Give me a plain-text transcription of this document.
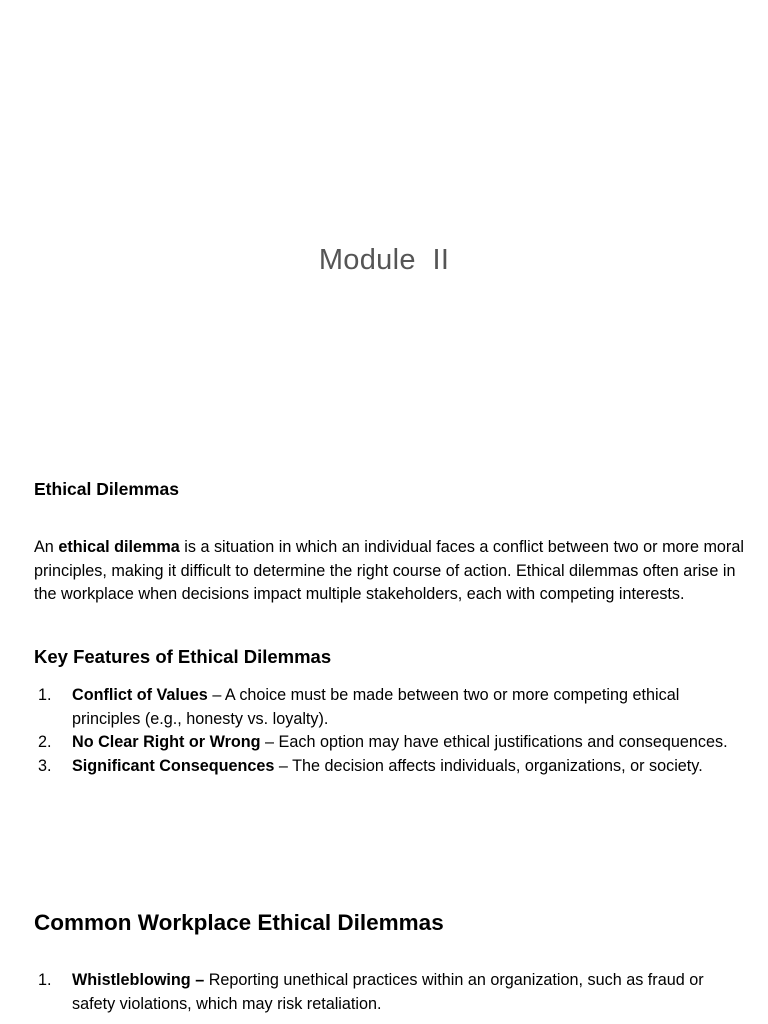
Module  II
Ethical Dilemmas

An ethical dilemma is a situation in which an individual faces a conflict between two or more moral principles, making it difficult to determine the right course of action. Ethical dilemmas often arise in the workplace when decisions impact multiple stakeholders, each with competing interests.

Key Features of Ethical Dilemmas
1. Conflict of Values – A choice must be made between two or more competing ethical principles (e.g., honesty vs. loyalty).
2. No Clear Right or Wrong – Each option may have ethical justifications and consequences.
3. Significant Consequences – The decision affects individuals, organizations, or society.
Common Workplace Ethical Dilemmas
1. Whistleblowing – Reporting unethical practices within an organization, such as fraud or safety violations, which may risk retaliation.
